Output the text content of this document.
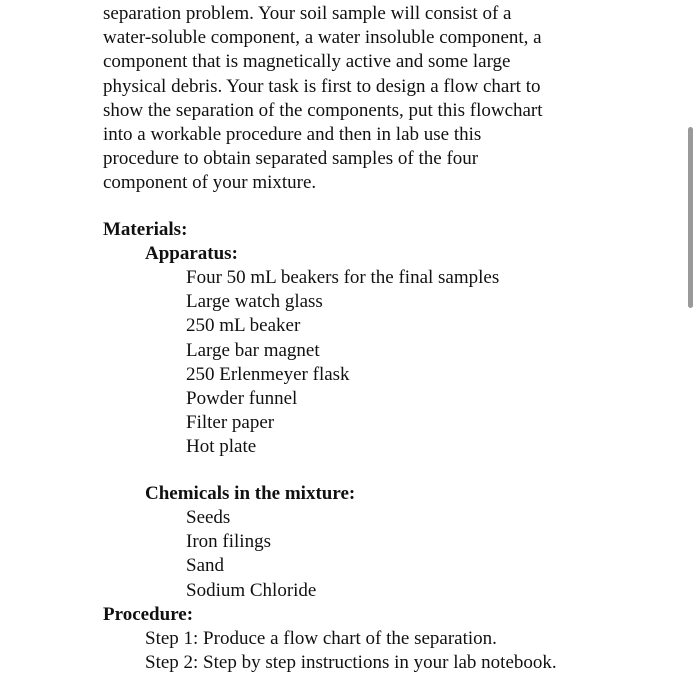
separation problem. Your soil sample will consist of a
water-soluble component, a water insoluble component, a
component that is magnetically active and some large
physical debris. Your task is first to design a flow chart to
show the separation of the components, put this flowchart
into a workable procedure and then in lab use this
procedure to obtain separated samples of the four
component of your mixture.
Materials:
Apparatus:
Four 50 mL beakers for the final samples
Large watch glass
250 mL beaker
Large bar magnet
250 Erlenmeyer flask
Powder funnel
Filter paper
Hot plate
Chemicals in the mixture:
Seeds
Iron filings
Sand
Sodium Chloride
Procedure:
Step 1: Produce a flow chart of the separation.
Step 2: Step by step instructions in your lab notebook.
